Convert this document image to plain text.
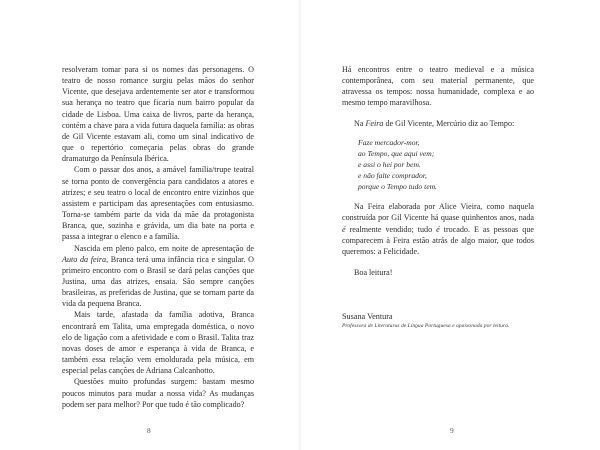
resolveram tomar para si os nomes das personagens. O teatro de nosso romance surgiu pelas mãos do senhor Vicente, que desejava ardentemente ser ator e transformou sua herança no teatro que ficaria num bairro popular da cidade de Lisboa. Uma caixa de livros, parte da herança, contém a chave para a vida futura daquela família: as obras de Gil Vicente estavam ali, como um sinal indicativo de que o repertório começaria pelas obras do grande dramaturgo da Península Ibérica.

Com o passar dos anos, a amável família/trupe teatral se torna ponto de convergência para candidatos a atores e atrizes; e seu teatro o local de encontro entre vizinhos que assistem e participam das apresentações com entusiasmo. Torna-se também parte da vida da mãe da protagonista Branca, que, sozinha e grávida, um dia bate na porta e passa a integrar o elenco e a família.

Nascida em pleno palco, em noite de apresentação de Auto da feira, Branca terá uma infância rica e singular. O primeiro encontro com o Brasil se dará pelas canções que Justina, uma das atrizes, ensaia. São sempre canções brasileiras, as preferidas de Justina, que se tornam parte da vida da pequena Branca.

Mais tarde, afastada da família adotiva, Branca encontrará em Talita, uma empregada doméstica, o novo elo de ligação com a afetividade e com o Brasil. Talita traz novas doses de amor e esperança à vida de Branca, e também essa relação vem emoldurada pela música, em especial pelas canções de Adriana Calcanhotto.

Questões muito profundas surgem: bastam mesmo poucos minutos para mudar a nossa vida? As mudanças podem ser para melhor? Por que tudo é tão complicado?

8

Há encontros entre o teatro medieval e a música contemporânea, com seu material permanente, que atravessa os tempos: nossa humanidade, complexa e ao mesmo tempo maravilhosa.

Na Feira de Gil Vicente, Mercúrio diz ao Tempo:

Faze mercador-mor,
ao Tempo, que aqui vem;
e assi o hei por bem.
e não falte comprador,
porque o Tempo tudo tem.

Na Feira elaborada por Alice Vieira, como naquela construída por Gil Vicente há quase quinhentos anos, nada é realmente vendido; tudo é trocado. E as pessoas que comparecem à Feira estão atrás de algo maior, que todos queremos: a Felicidade.

Boa leitura!

Susana Ventura
Professora de Literaturas de Língua Portuguesa e apaixonada por leitura.
9
